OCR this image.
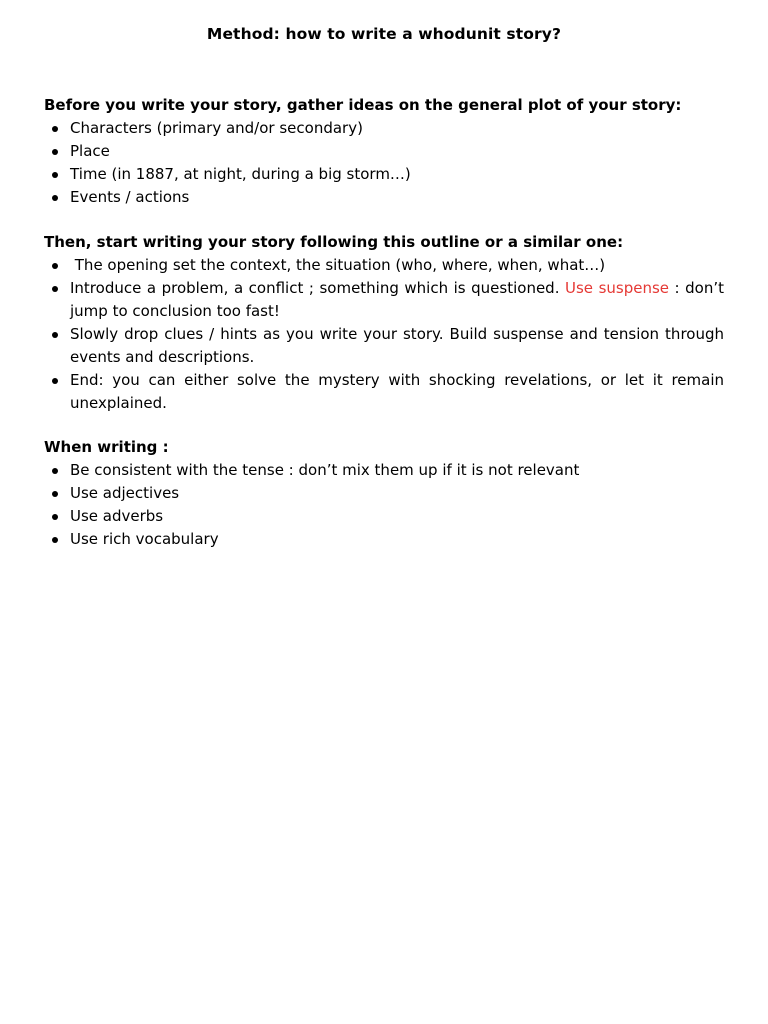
Method: how to write a whodunit story?
Before you write your story, gather ideas on the general plot of your story:
Characters (primary and/or secondary)
Place
Time (in 1887, at night, during a big storm…)
Events / actions
Then, start writing your story following this outline or a similar one:
The opening set the context, the situation (who, where, when, what…)
Introduce a problem, a conflict ; something which is questioned. Use suspense : don’t jump to conclusion too fast!
Slowly drop clues / hints as you write your story. Build suspense and tension through events and descriptions.
End: you can either solve the mystery with shocking revelations, or let it remain unexplained.
When writing :
Be consistent with the tense : don’t mix them up if it is not relevant
Use adjectives
Use adverbs
Use rich vocabulary
